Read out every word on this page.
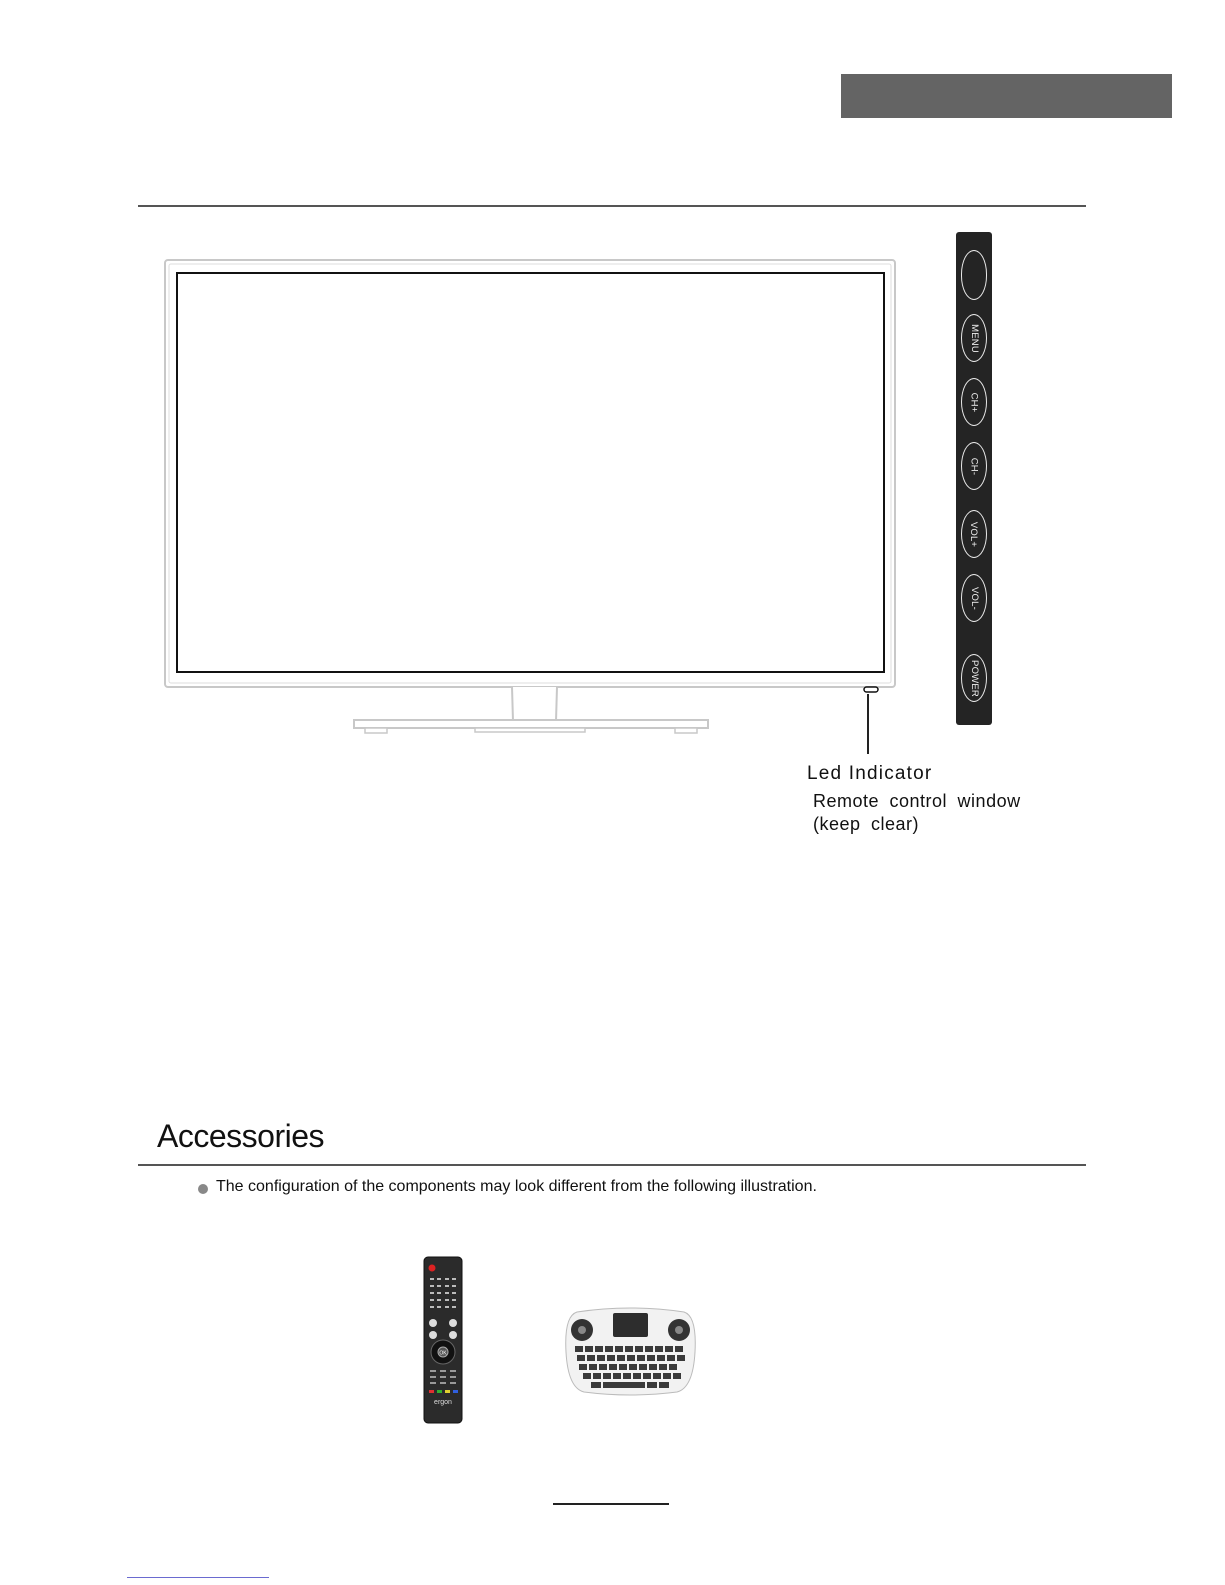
MENU
CH+
CH-
VOL+
VOL-
POWER
Led Indicator
Remote control window
(keep clear)
Accessories
The configuration of the components may look different from the following illustration.
OK
ergon
